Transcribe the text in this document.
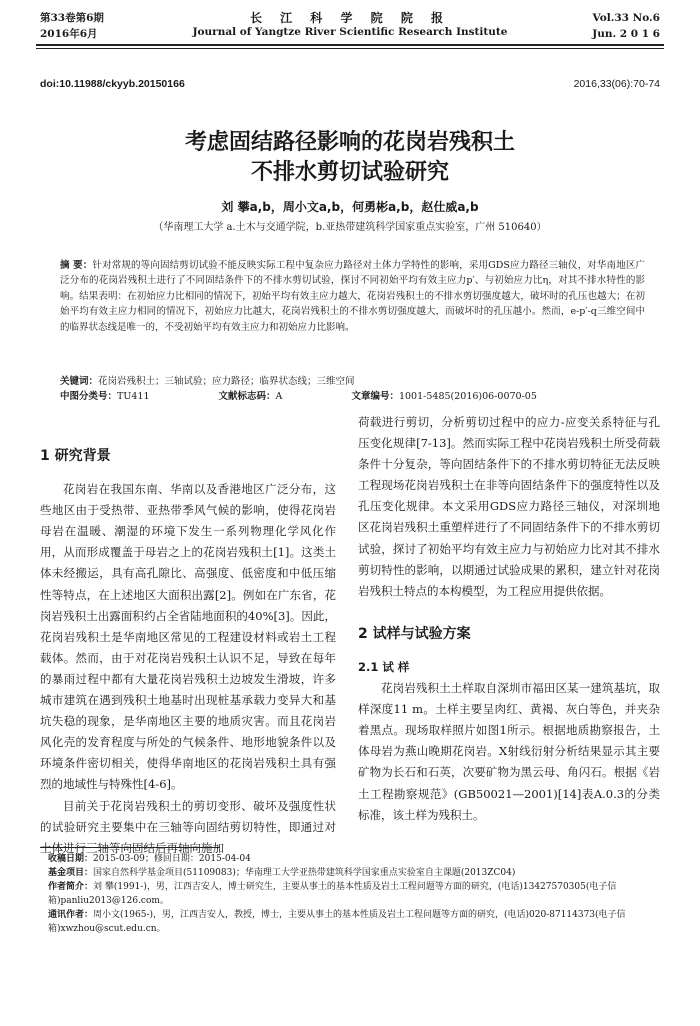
第33卷第6期
2016年6月
长 江 科 学 院 院 报
Journal of Yangtze River Scientific Research Institute
Vol.33 No.6
Jun. 2 0 1 6
doi:10.11988/ckyyb.20150166	2016,33(06):70-74
考虑固结路径影响的花岗岩残积土
不排水剪切试验研究
刘 攀a,b，周小文a,b，何勇彬a,b，赵仕威a,b
（华南理工大学 a.土木与交通学院，b.亚热带建筑科学国家重点实验室，广州 510640）

摘 要：针对常规的等向固结剪切试验不能反映实际工程中复杂应力路径对土体力学特性的影响，采用GDS应力路径三轴仪，对华南地区广泛分布的花岗岩残积土进行了不同固结条件下的不排水剪切试验，探讨不同初始平均有效主应力p′、与初始应力比η，对其不排水特性的影响。结果表明：在初始应力比相同的情况下，初始平均有效主应力越大，花岗岩残积土的不排水剪切强度越大，破坏时的孔压也越大；在初始平均有效主应力相同的情况下，初始应力比越大，花岗岩残积土的不排水剪切强度越大，而破坏时的孔压越小。然而，e-p′-q三维空间中的临界状态线是唯一的，不受初始平均有效主应力和初始应力比影响。

关键词：花岗岩残积土；三轴试验；应力路径；临界状态线；三维空间
中图分类号：TU411	文献标志码：A	文章编号：1001-5485(2016)06-0070-05

1 研究背景

花岗岩在我国东南、华南以及香港地区广泛分布，这些地区由于受热带、亚热带季风气候的影响，使得花岗岩母岩在温暖、潮湿的环境下发生一系列物理化学风化作用，从而形成覆盖于母岩之上的花岗岩残积土[1]。这类土体未经搬运，具有高孔隙比、高强度、低密度和中低压缩性等特点，在上述地区大面积出露[2]。例如在广东省，花岗岩残积土出露面积约占全省陆地面积的40%[3]。因此，花岗岩残积土是华南地区常见的工程建设材料或岩土工程载体。然而，由于对花岗岩残积土认识不足，导致在每年的暴雨过程中都有大量花岗岩残积土边坡发生滑坡，许多城市建筑在遇到残积土地基时出现桩基承载力变异大和基坑失稳的现象，是华南地区主要的地质灾害。而且花岗岩风化壳的发育程度与所处的气候条件、地形地貌条件以及环境条件密切相关，使得华南地区的花岗岩残积土具有强烈的地域性与特殊性[4-6]。

目前关于花岗岩残积土的剪切变形、破坏及强度性状的试验研究主要集中在三轴等向固结剪切特性，即通过对土体进行三轴等向固结后再轴向施加

荷载进行剪切，分析剪切过程中的应力-应变关系特征与孔压变化规律[7-13]。然而实际工程中花岗岩残积土所受荷载条件十分复杂，等向固结条件下的不排水剪切特征无法反映工程现场花岗岩残积土在非等向固结条件下的强度特性以及孔压变化规律。本文采用GDS应力路径三轴仪，对深圳地区花岗岩残积土重塑样进行了不同固结条件下的不排水剪切试验，探讨了初始平均有效主应力与初始应力比对其不排水剪切特性的影响，以期通过试验成果的累积，建立针对花岗岩残积土特点的本构模型，为工程应用提供依据。

2 试样与试验方案

2.1 试 样

花岗岩残积土土样取自深圳市福田区某一建筑基坑，取样深度11 m。土样主要呈肉红、黄褐、灰白等色，并夹杂着黑点。现场取样照片如图1所示。根据地质勘察报告，土体母岩为燕山晚期花岗岩。X射线衍射分析结果显示其主要矿物为长石和石英，次要矿物为黑云母、角闪石。根据《岩土工程勘察规范》(GB50021—2001)[14]表A.0.3的分类标准，该土样为残积土。

收稿日期：2015-03-09；修回日期：2015-04-04
基金项目：国家自然科学基金项目(51109083)；华南理工大学亚热带建筑科学国家重点实验室自主课题(2013ZC04)
作者简介：刘 攀(1991-)，男，江西吉安人，博士研究生，主要从事土的基本性质及岩土工程问题等方面的研究，(电话)13427570305(电子信箱)panliu2013@126.com。
通讯作者：周小文(1965-)，男，江西吉安人，教授，博士，主要从事土的基本性质及岩土工程问题等方面的研究，(电话)020-87114373(电子信箱)xwzhou@scut.edu.cn。
